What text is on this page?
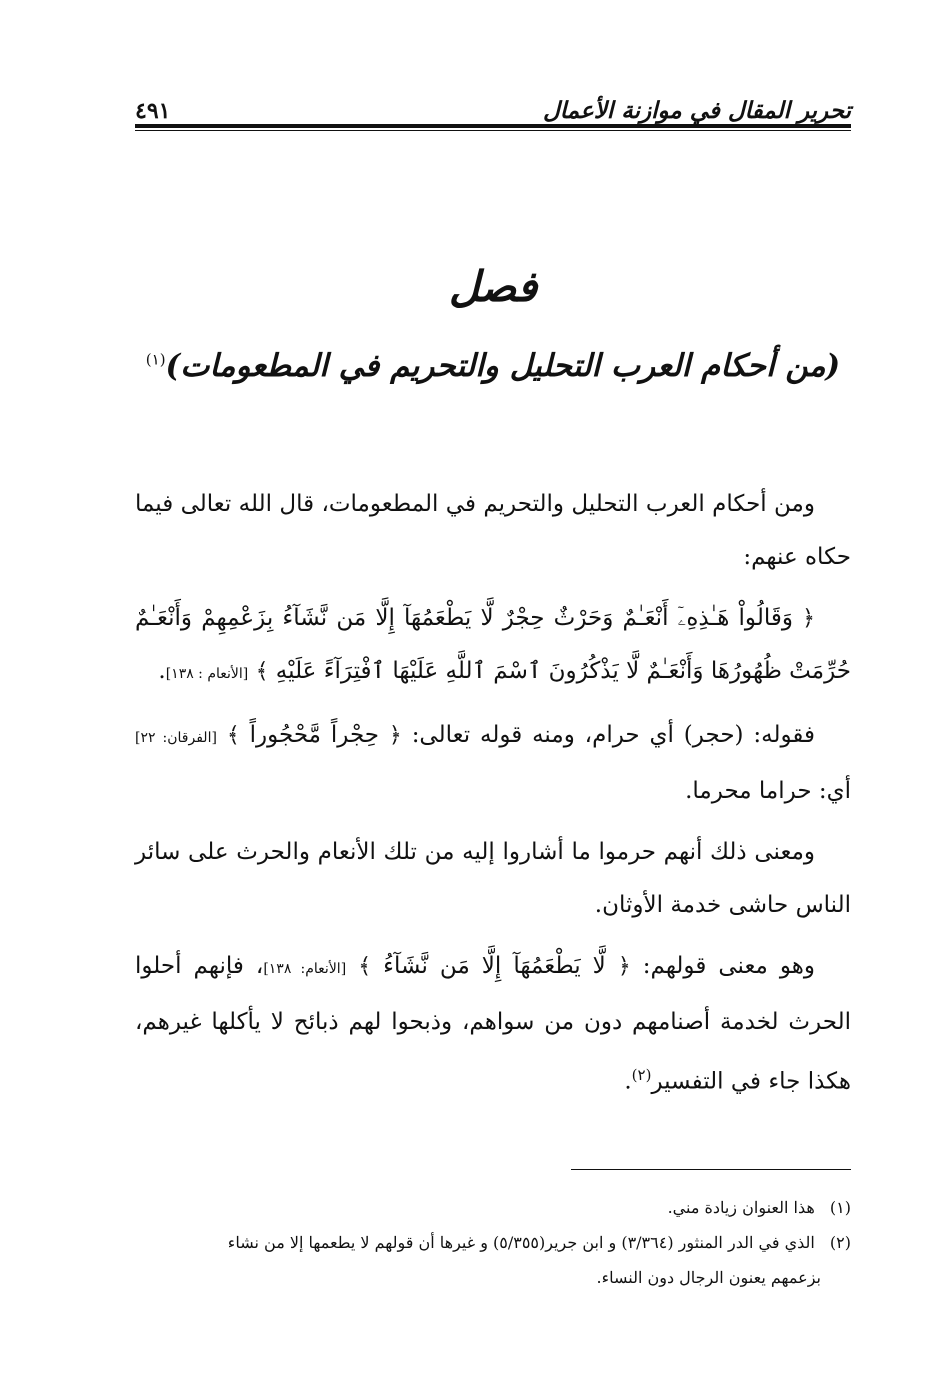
تحرير المقال في موازنة الأعمال
٤٩١
فصل
(من أحكام العرب التحليل والتحريم في المطعومات)$^{(١)}$

ومن أحكام العرب التحليل والتحريم في المطعومات، قال الله تعالى فيما حكاه عنهم:

﴿ وَقَالُواْ هَـٰذِهِۦٓ أَنْعَـٰمٌ وَحَرْثٌ حِجْرٌ لَّا يَطْعَمُهَآ إِلَّا مَن نَّشَآءُ بِزَعْمِهِمْ وَأَنْعَـٰمٌ حُرِّمَتْ ظُهُورُهَا وَأَنْعَـٰمٌ لَّا يَذْكُرُونَ ٱسْمَ ٱللَّهِ عَلَيْهَا ٱفْتِرَآءً عَلَيْهِ ﴾ [الأنعام : ١٣٨].

فقوله: (حجر) أي حرام، ومنه قوله تعالى: ﴿ حِجْراً مَّحْجُوراً ﴾ [الفرقان: ٢٢] أي: حراما محرما.

ومعنى ذلك أنهم حرموا ما أشاروا إليه من تلك الأنعام والحرث على سائر الناس حاشى خدمة الأوثان.

وهو معنى قولهم: ﴿ لَّا يَطْعَمُهَآ إِلَّا مَن نَّشَآءُ ﴾ [الأنعام: ١٣٨]، فإنهم أحلوا الحرث لخدمة أصنامهم دون من سواهم، وذبحوا لهم ذبائح لا يأكلها غيرهم، هكذا جاء في التفسير$^{(٢)}$.

(١) هذا العنوان زيادة مني.

(٢) الذي في الدر المنثور (٣/٣٦٤) و ابن جرير(٥/٣٥٥) و غيرها أن قولهم لا يطعمها إلا من نشاء

بزعمهم يعنون الرجال دون النساء.
